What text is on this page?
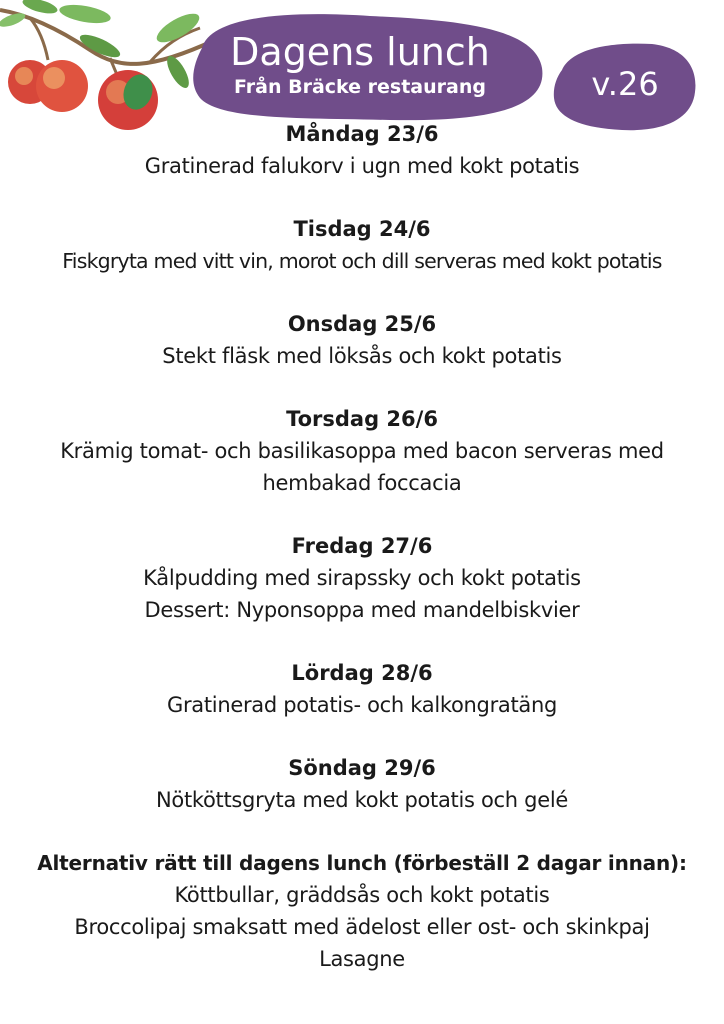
Dagens lunch
Från Bräcke restaurang	v.26

Måndag 23/6

Gratinerad falukorv i ugn med kokt potatis

Tisdag 24/6

Fiskgryta med vitt vin, morot och dill serveras med kokt potatis

Onsdag 25/6

Stekt fläsk med löksås och kokt potatis

Torsdag 26/6

Krämig tomat- och basilikasoppa med bacon serveras med

hembakad foccacia

Fredag 27/6

Kålpudding med sirapssky och kokt potatis

Dessert: Nyponsoppa med mandelbiskvier

Lördag 28/6

Gratinerad potatis- och kalkongratäng

Söndag 29/6

Nötköttsgryta med kokt potatis och gelé

Alternativ rätt till dagens lunch (förbeställ 2 dagar innan):

Köttbullar, gräddsås och kokt potatis

Broccolipaj smaksatt med ädelost eller ost- och skinkpaj

Lasagne
